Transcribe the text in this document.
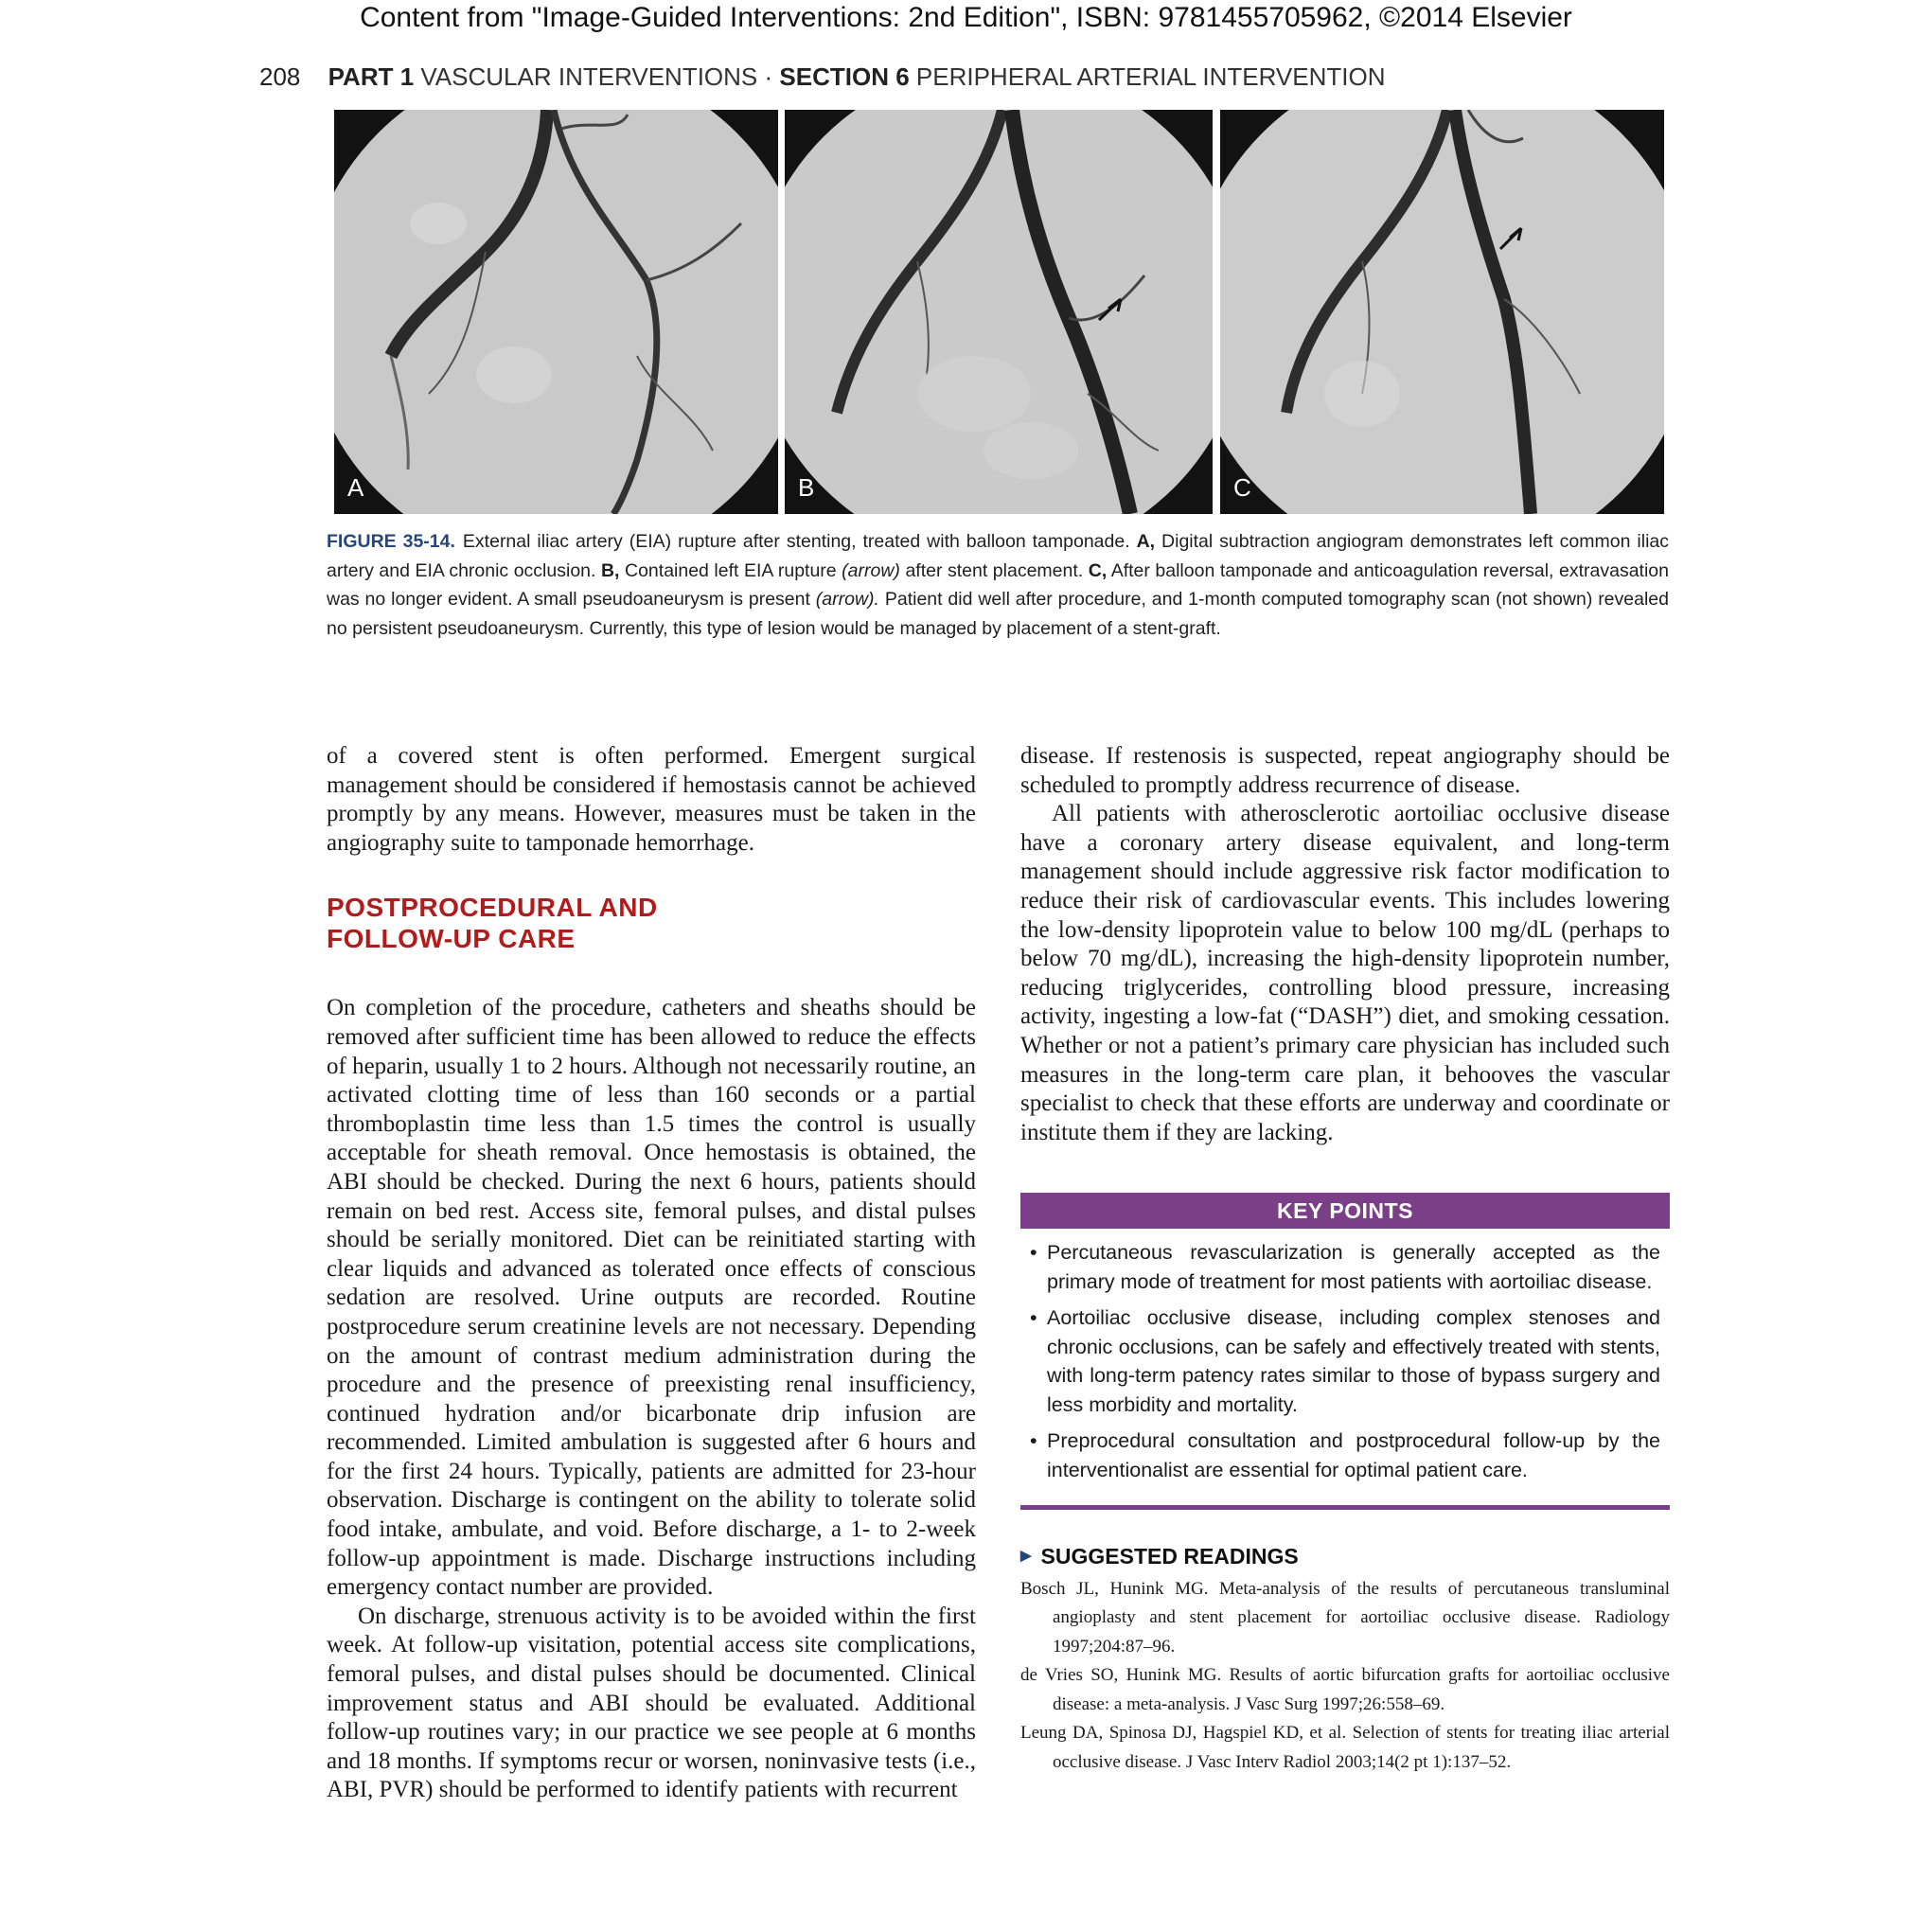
Content from "Image-Guided Interventions: 2nd Edition", ISBN: 9781455705962, ©2014 Elsevier
208 PART 1 VASCULAR INTERVENTIONS · SECTION 6 PERIPHERAL ARTERIAL INTERVENTION
A	B	C
FIGURE 35-14. External iliac artery (EIA) rupture after stenting, treated with balloon tamponade. A, Digital subtraction angiogram demonstrates left common iliac artery and EIA chronic occlusion. B, Contained left EIA rupture (arrow) after stent placement. C, After balloon tamponade and anticoagulation reversal, extravasation was no longer evident. A small pseudoaneurysm is present (arrow). Patient did well after procedure, and 1-month computed tomography scan (not shown) revealed no persistent pseudoaneurysm. Currently, this type of lesion would be managed by placement of a stent-graft.

of a covered stent is often performed. Emergent surgical management should be considered if hemostasis cannot be achieved promptly by any means. However, measures must be taken in the angiography suite to tamponade hemorrhage.

POSTPROCEDURAL AND
FOLLOW-UP CARE

On completion of the procedure, catheters and sheaths should be removed after sufficient time has been allowed to reduce the effects of heparin, usually 1 to 2 hours. Although not necessarily routine, an activated clotting time of less than 160 seconds or a partial thromboplastin time less than 1.5 times the control is usually acceptable for sheath removal. Once hemostasis is obtained, the ABI should be checked. During the next 6 hours, patients should remain on bed rest. Access site, femoral pulses, and distal pulses should be serially monitored. Diet can be reinitiated starting with clear liquids and advanced as tolerated once effects of conscious sedation are resolved. Urine outputs are recorded. Routine postprocedure serum creatinine levels are not necessary. Depending on the amount of contrast medium administration during the procedure and the presence of preexisting renal insufficiency, continued hydration and/or bicarbonate drip infusion are recommended. Limited ambulation is suggested after 6 hours and for the first 24 hours. Typically, patients are admitted for 23-hour observation. Discharge is contingent on the ability to tolerate solid food intake, ambulate, and void. Before discharge, a 1- to 2-week follow-up appointment is made. Discharge instructions including emergency contact number are provided.

On discharge, strenuous activity is to be avoided within the first week. At follow-up visitation, potential access site complications, femoral pulses, and distal pulses should be documented. Clinical improvement status and ABI should be evaluated. Additional follow-up routines vary; in our practice we see people at 6 months and 18 months. If symptoms recur or worsen, noninvasive tests (i.e., ABI, PVR) should be performed to identify patients with recurrent

disease. If restenosis is suspected, repeat angiography should be scheduled to promptly address recurrence of disease.

All patients with atherosclerotic aortoiliac occlusive disease have a coronary artery disease equivalent, and long-term management should include aggressive risk factor modification to reduce their risk of cardiovascular events. This includes lowering the low-density lipoprotein value to below 100 mg/dL (perhaps to below 70 mg/dL), increasing the high-density lipoprotein number, reducing triglycerides, controlling blood pressure, increasing activity, ingesting a low-fat (“DASH”) diet, and smoking cessation. Whether or not a patient’s primary care physician has included such measures in the long-term care plan, it behooves the vascular specialist to check that these efforts are underway and coordinate or institute them if they are lacking.

KEY POINTS
• Percutaneous revascularization is generally accepted as the primary mode of treatment for most patients with aortoiliac disease.
• Aortoiliac occlusive disease, including complex stenoses and chronic occlusions, can be safely and effectively treated with stents, with long-term patency rates similar to those of bypass surgery and less morbidity and mortality.
• Preprocedural consultation and postprocedural follow-up by the interventionalist are essential for optimal patient care.
▶ SUGGESTED READINGS
Bosch JL, Hunink MG. Meta-analysis of the results of percutaneous transluminal angioplasty and stent placement for aortoiliac occlusive disease. Radiology 1997;204:87–96.
de Vries SO, Hunink MG. Results of aortic bifurcation grafts for aortoiliac occlusive disease: a meta-analysis. J Vasc Surg 1997;26:558–69.
Leung DA, Spinosa DJ, Hagspiel KD, et al. Selection of stents for treating iliac arterial occlusive disease. J Vasc Interv Radiol 2003;14(2 pt 1):137–52.
